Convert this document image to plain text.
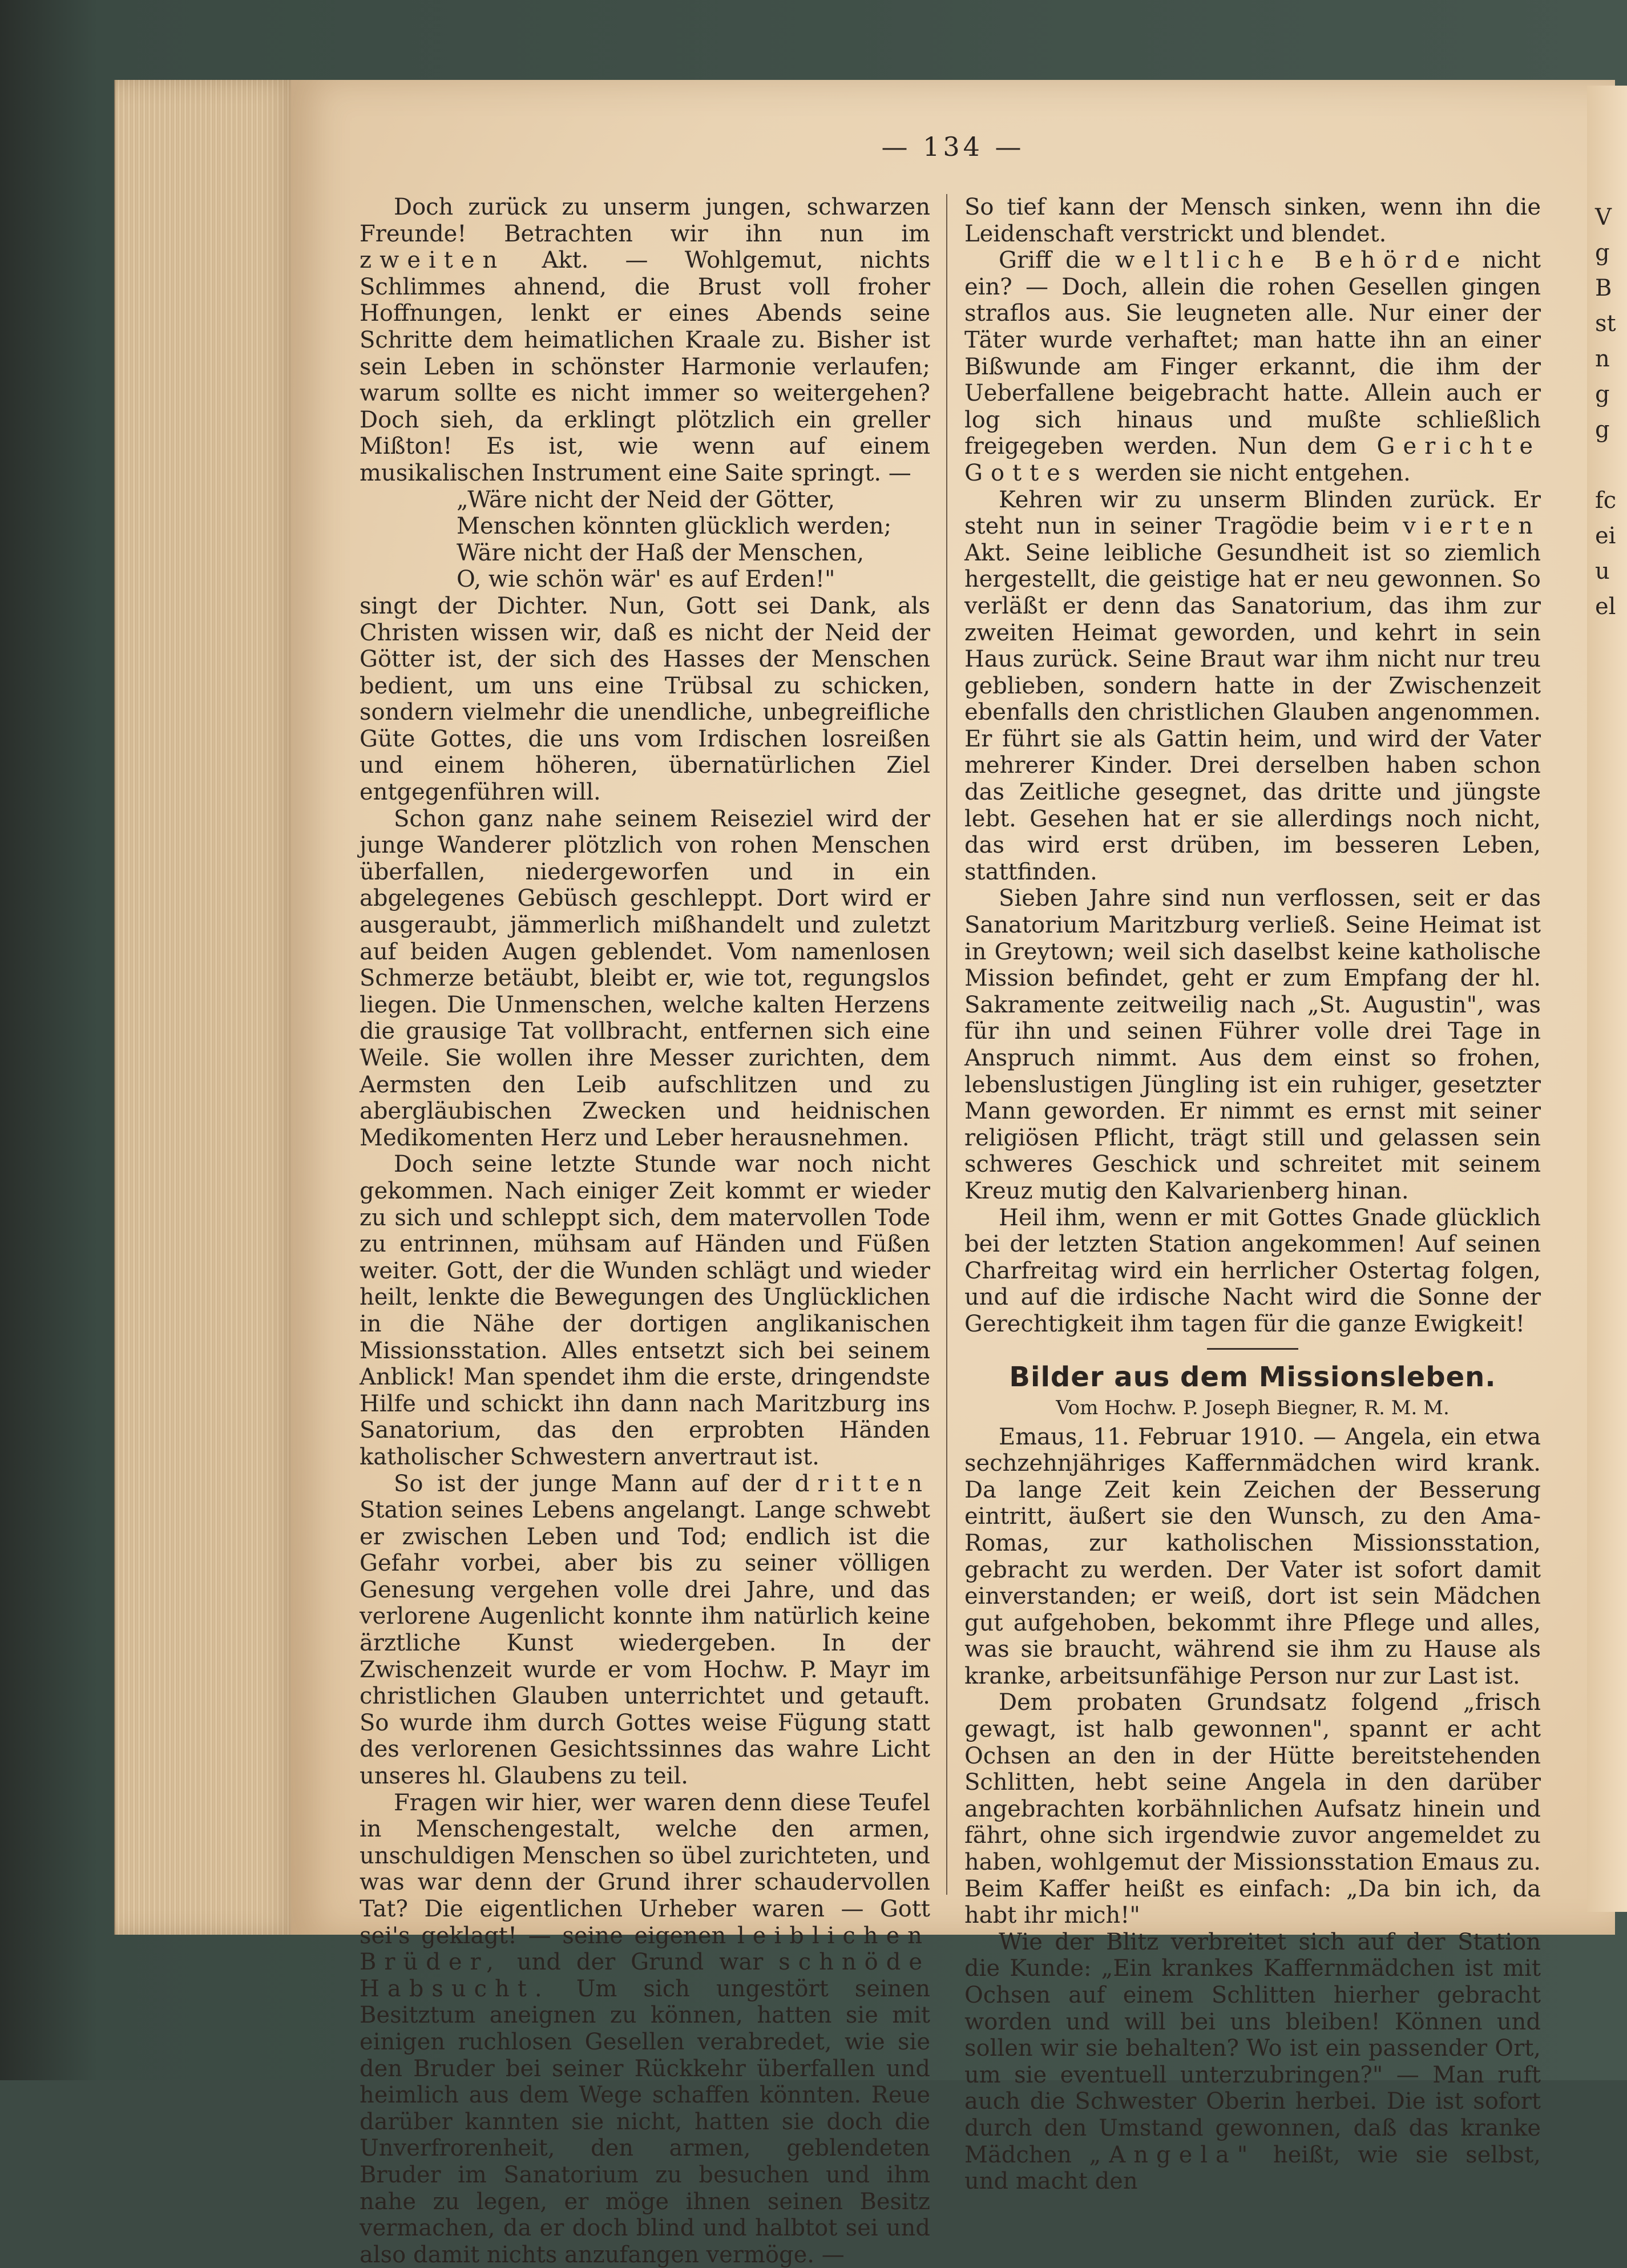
— 134 —

Doch zurück zu unserm jungen, schwarzen Freunde! Betrachten wir ihn nun im zweiten Akt. — Wohlgemut, nichts Schlimmes ahnend, die Brust voll froher Hoffnungen, lenkt er eines Abends seine Schritte dem heimatlichen Kraale zu. Bisher ist sein Leben in schönster Harmonie verlaufen; warum sollte es nicht immer so weitergehen? Doch sieh, da erklingt plötzlich ein greller Mißton! Es ist, wie wenn auf einem musikalischen Instrument eine Saite springt. —

„Wäre nicht der Neid der Götter,
Menschen könnten glücklich werden;
Wäre nicht der Haß der Menschen,
O, wie schön wär' es auf Erden!"

singt der Dichter. Nun, Gott sei Dank, als Christen wissen wir, daß es nicht der Neid der Götter ist, der sich des Hasses der Menschen bedient, um uns eine Trübsal zu schicken, sondern vielmehr die unendliche, unbegreifliche Güte Gottes, die uns vom Irdischen losreißen und einem höheren, übernatürlichen Ziel entgegenführen will.

Schon ganz nahe seinem Reiseziel wird der junge Wanderer plötzlich von rohen Menschen überfallen, niedergeworfen und in ein abgelegenes Gebüsch geschleppt. Dort wird er ausgeraubt, jämmerlich mißhandelt und zuletzt auf beiden Augen geblendet. Vom namenlosen Schmerze betäubt, bleibt er, wie tot, regungslos liegen. Die Unmenschen, welche kalten Herzens die grausige Tat vollbracht, entfernen sich eine Weile. Sie wollen ihre Messer zurichten, dem Aermsten den Leib aufschlitzen und zu abergläubischen Zwecken und heidnischen Medikomenten Herz und Leber herausnehmen.

Doch seine letzte Stunde war noch nicht gekommen. Nach einiger Zeit kommt er wieder zu sich und schleppt sich, dem matervollen Tode zu entrinnen, mühsam auf Händen und Füßen weiter. Gott, der die Wunden schlägt und wieder heilt, lenkte die Bewegungen des Unglücklichen in die Nähe der dortigen anglikanischen Missionsstation. Alles entsetzt sich bei seinem Anblick! Man spendet ihm die erste, dringendste Hilfe und schickt ihn dann nach Maritzburg ins Sanatorium, das den erprobten Händen katholischer Schwestern anvertraut ist.

So ist der junge Mann auf der dritten Station seines Lebens angelangt. Lange schwebt er zwischen Leben und Tod; endlich ist die Gefahr vorbei, aber bis zu seiner völligen Genesung vergehen volle drei Jahre, und das verlorene Augenlicht konnte ihm natürlich keine ärztliche Kunst wiedergeben. In der Zwischenzeit wurde er vom Hochw. P. Mayr im christlichen Glauben unterrichtet und getauft. So wurde ihm durch Gottes weise Fügung statt des verlorenen Gesichtssinnes das wahre Licht unseres hl. Glaubens zu teil.

Fragen wir hier, wer waren denn diese Teufel in Menschengestalt, welche den armen, unschuldigen Menschen so übel zurichteten, und was war denn der Grund ihrer schaudervollen Tat? Die eigentlichen Urheber waren — Gott sei's geklagt! — seine eigenen leiblichen Brüder, und der Grund war schnöde Habsucht. Um sich ungestört seinen Besitztum aneignen zu können, hatten sie mit einigen ruchlosen Gesellen verabredet, wie sie den Bruder bei seiner Rückkehr überfallen und heimlich aus dem Wege schaffen könnten. Reue darüber kannten sie nicht, hatten sie doch die Unverfrorenheit, den armen, geblendeten Bruder im Sanatorium zu besuchen und ihm nahe zu legen, er möge ihnen seinen Besitz vermachen, da er doch blind und halbtot sei und also damit nichts anzufangen vermöge. —

So tief kann der Mensch sinken, wenn ihn die Leidenschaft verstrickt und blendet.

Griff die weltliche Behörde nicht ein? — Doch, allein die rohen Gesellen gingen straflos aus. Sie leugneten alle. Nur einer der Täter wurde verhaftet; man hatte ihn an einer Bißwunde am Finger erkannt, die ihm der Ueberfallene beigebracht hatte. Allein auch er log sich hinaus und mußte schließlich freigegeben werden. Nun dem Gerichte Gottes werden sie nicht entgehen.

Kehren wir zu unserm Blinden zurück. Er steht nun in seiner Tragödie beim vierten Akt. Seine leibliche Gesundheit ist so ziemlich hergestellt, die geistige hat er neu gewonnen. So verläßt er denn das Sanatorium, das ihm zur zweiten Heimat geworden, und kehrt in sein Haus zurück. Seine Braut war ihm nicht nur treu geblieben, sondern hatte in der Zwischenzeit ebenfalls den christlichen Glauben angenommen. Er führt sie als Gattin heim, und wird der Vater mehrerer Kinder. Drei derselben haben schon das Zeitliche gesegnet, das dritte und jüngste lebt. Gesehen hat er sie allerdings noch nicht, das wird erst drüben, im besseren Leben, stattfinden.

Sieben Jahre sind nun verflossen, seit er das Sanatorium Maritzburg verließ. Seine Heimat ist in Greytown; weil sich daselbst keine katholische Mission befindet, geht er zum Empfang der hl. Sakramente zeitweilig nach „St. Augustin", was für ihn und seinen Führer volle drei Tage in Anspruch nimmt. Aus dem einst so frohen, lebenslustigen Jüngling ist ein ruhiger, gesetzter Mann geworden. Er nimmt es ernst mit seiner religiösen Pflicht, trägt still und gelassen sein schweres Geschick und schreitet mit seinem Kreuz mutig den Kalvarienberg hinan.

Heil ihm, wenn er mit Gottes Gnade glücklich bei der letzten Station angekommen! Auf seinen Charfreitag wird ein herrlicher Ostertag folgen, und auf die irdische Nacht wird die Sonne der Gerechtigkeit ihm tagen für die ganze Ewigkeit!

Bilder aus dem Missionsleben.
Vom Hochw. P. Joseph Biegner, R. M. M.

Emaus, 11. Februar 1910. — Angela, ein etwa sechzehnjähriges Kaffernmädchen wird krank. Da lange Zeit kein Zeichen der Besserung eintritt, äußert sie den Wunsch, zu den Ama-Romas, zur katholischen Missionsstation, gebracht zu werden. Der Vater ist sofort damit einverstanden; er weiß, dort ist sein Mädchen gut aufgehoben, bekommt ihre Pflege und alles, was sie braucht, während sie ihm zu Hause als kranke, arbeitsunfähige Person nur zur Last ist.

Dem probaten Grundsatz folgend „frisch gewagt, ist halb gewonnen", spannt er acht Ochsen an den in der Hütte bereitstehenden Schlitten, hebt seine Angela in den darüber angebrachten korbähnlichen Aufsatz hinein und fährt, ohne sich irgendwie zuvor angemeldet zu haben, wohlgemut der Missionsstation Emaus zu. Beim Kaffer heißt es einfach: „Da bin ich, da habt ihr mich!"

Wie der Blitz verbreitet sich auf der Station die Kunde: „Ein krankes Kaffernmädchen ist mit Ochsen auf einem Schlitten hierher gebracht worden und will bei uns bleiben! Können und sollen wir sie behalten? Wo ist ein passender Ort, um sie eventuell unterzubringen?" — Man ruft auch die Schwester Oberin herbei. Die ist sofort durch den Umstand gewonnen, daß das kranke Mädchen „Angela" heißt, wie sie selbst, und macht den

V
g
B
st
n
g
g

fc
ei
u
el
